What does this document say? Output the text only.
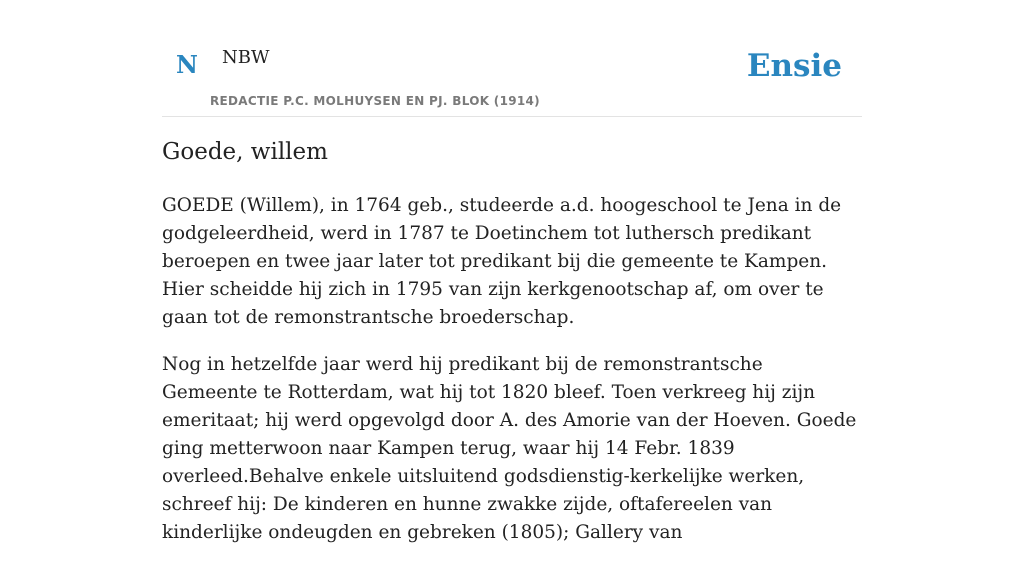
N NBW
REDACTIE P.C. MOLHUYSEN EN PJ. BLOK (1914)
Ensie
Goede, willem

GOEDE (Willem), in 1764 geb., studeerde a.d. hoogeschool te Jena in de godgeleerdheid, werd in 1787 te Doetinchem tot luthersch predikant beroepen en twee jaar later tot predikant bij die gemeente te Kampen. Hier scheidde hij zich in 1795 van zijn kerkgenootschap af, om over te gaan tot de remonstrantsche broederschap.

Nog in hetzelfde jaar werd hij predikant bij de remonstrantsche Gemeente te Rotterdam, wat hij tot 1820 bleef. Toen verkreeg hij zijn emeritaat; hij werd opgevolgd door A. des Amorie van der Hoeven. Goede ging metterwoon naar Kampen terug, waar hij 14 Febr. 1839 overleed.Behalve enkele uitsluitend godsdienstig-kerkelijke werken, schreef hij: De kinderen en hunne zwakke zijde, oftafereelen van kinderlijke ondeugden en gebreken (1805); Gallery van
